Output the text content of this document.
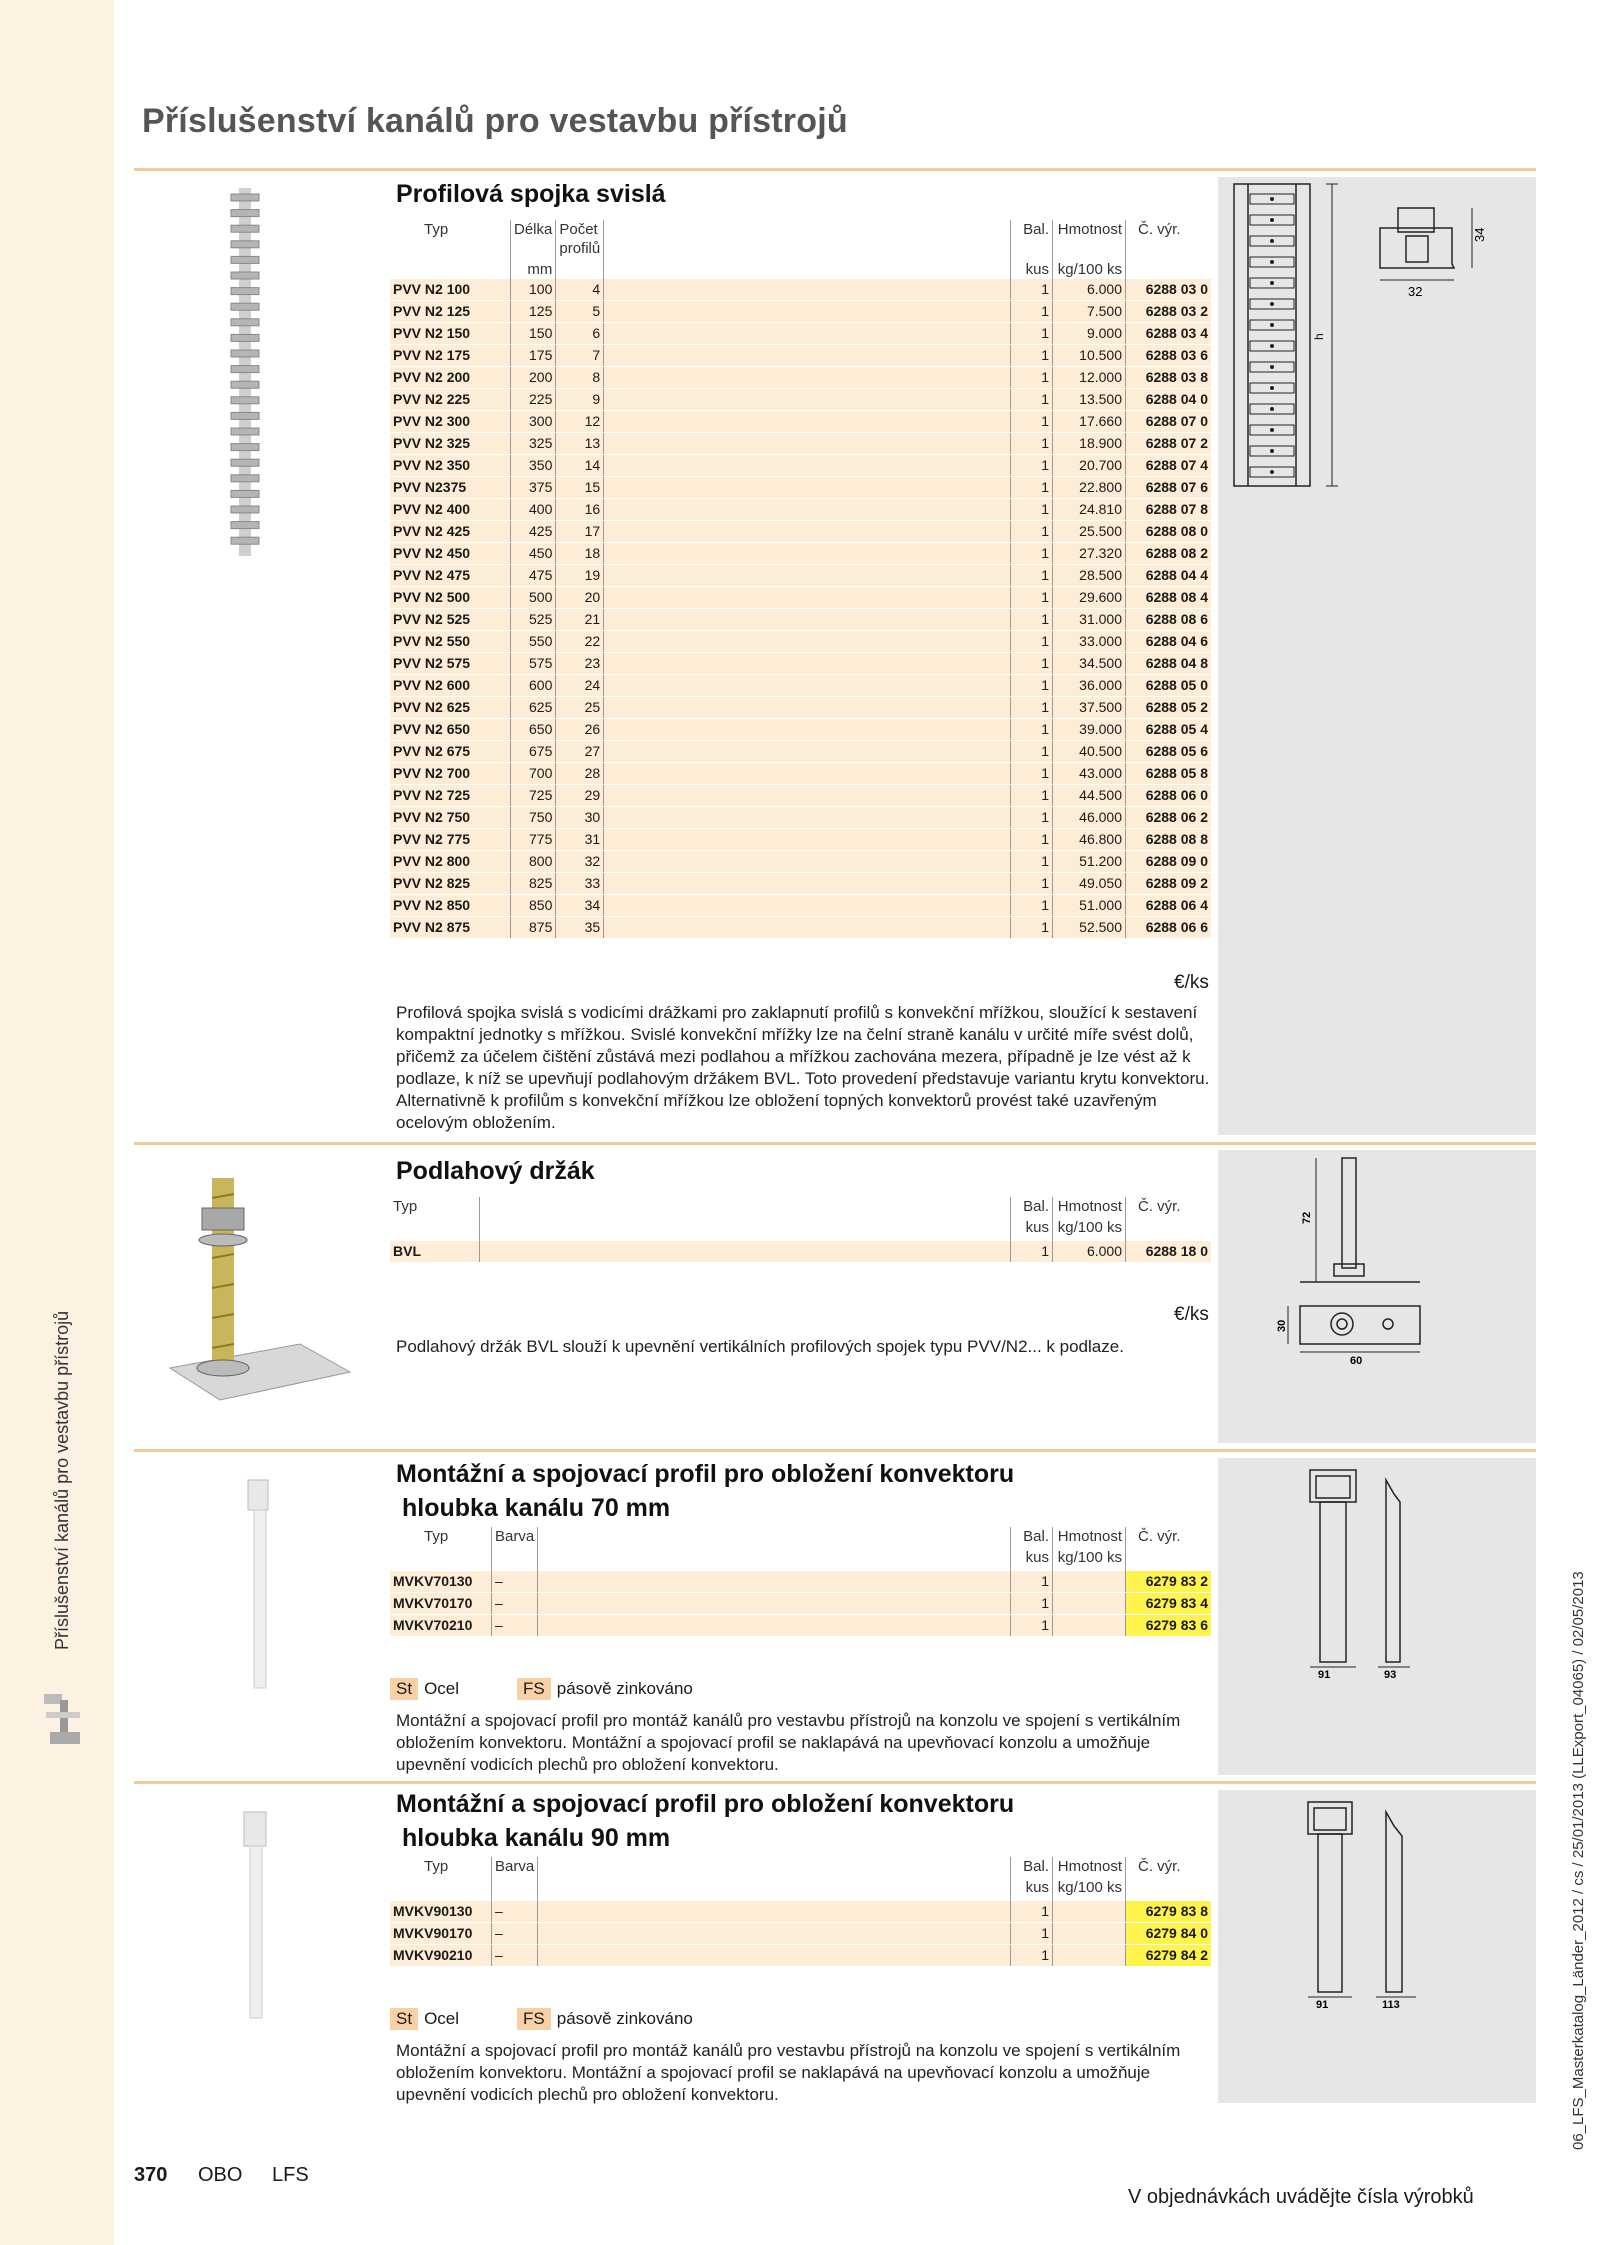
Příslušenství kanálů pro vestavbu přístrojů
Příslušenství kanálů pro vestavbu přístrojů
06_LFS_Masterkatalog_Länder_2012 / cs / 25/01/2013 (LLExport_04065) / 02/05/2013
Profilová spojka svislá
Typ	Délka	Počet
profilů		Bal.	Hmotnost	Č. výr.
	mm			kus	kg/100 ks	
PVV N2 100	100	4		1	6.000	6288 03 0
PVV N2 125	125	5		1	7.500	6288 03 2
PVV N2 150	150	6		1	9.000	6288 03 4
PVV N2 175	175	7		1	10.500	6288 03 6
PVV N2 200	200	8		1	12.000	6288 03 8
PVV N2 225	225	9		1	13.500	6288 04 0
PVV N2 300	300	12		1	17.660	6288 07 0
PVV N2 325	325	13		1	18.900	6288 07 2
PVV N2 350	350	14		1	20.700	6288 07 4
PVV N2375	375	15		1	22.800	6288 07 6
PVV N2 400	400	16		1	24.810	6288 07 8
PVV N2 425	425	17		1	25.500	6288 08 0
PVV N2 450	450	18		1	27.320	6288 08 2
PVV N2 475	475	19		1	28.500	6288 04 4
PVV N2 500	500	20		1	29.600	6288 08 4
PVV N2 525	525	21		1	31.000	6288 08 6
PVV N2 550	550	22		1	33.000	6288 04 6
PVV N2 575	575	23		1	34.500	6288 04 8
PVV N2 600	600	24		1	36.000	6288 05 0
PVV N2 625	625	25		1	37.500	6288 05 2
PVV N2 650	650	26		1	39.000	6288 05 4
PVV N2 675	675	27		1	40.500	6288 05 6
PVV N2 700	700	28		1	43.000	6288 05 8
PVV N2 725	725	29		1	44.500	6288 06 0
PVV N2 750	750	30		1	46.000	6288 06 2
PVV N2 775	775	31		1	46.800	6288 08 8
PVV N2 800	800	32		1	51.200	6288 09 0
PVV N2 825	825	33		1	49.050	6288 09 2
PVV N2 850	850	34		1	51.000	6288 06 4
PVV N2 875	875	35		1	52.500	6288 06 6
€/ks
Profilová spojka svislá s vodicími drážkami pro zaklapnutí profilů s konvekční mřížkou, sloužící k sestavení kompaktní jednotky s mřížkou. Svislé konvekční mřížky lze na čelní straně kanálu v určité míře svést dolů, přičemž za účelem čištění zůstává mezi podlahou a mřížkou zachována mezera, případně je lze vést až k podlaze, k níž se upevňují podlahovým držákem BVL. Toto provedení představuje variantu krytu konvektoru. Alternativně k profilům s konvekční mřížkou lze obložení topných konvektorů provést také uzavřeným ocelovým obložením.
h
34
32
Podlahový držák
Typ		Bal.	Hmotnost	Č. výr.
		kus	kg/100 ks	
BVL		1	6.000	6288 18 0
€/ks
Podlahový držák BVL slouží k upevnění vertikálních profilových spojek typu PVV/N2... k podlaze.
72
30
60
Montážní a spojovací profil pro obložení konvektoru
hloubka kanálu 70 mm
Typ	Barva		Bal.	Hmotnost	Č. výr.
			kus	kg/100 ks	
MVKV70130	–		1		6279 83 2
MVKV70170	–		1		6279 83 4
MVKV70210	–		1		6279 83 6
St Ocel	FS pásově zinkováno
Montážní a spojovací profil pro montáž kanálů pro vestavbu přístrojů na konzolu ve spojení s vertikálním obložením konvektoru. Montážní a spojovací profil se naklapává na upevňovací konzolu a umožňuje upevnění vodicích plechů pro obložení konvektoru.
91	93
Montážní a spojovací profil pro obložení konvektoru
hloubka kanálu 90 mm
Typ	Barva		Bal.	Hmotnost	Č. výr.
			kus	kg/100 ks	
MVKV90130	–		1		6279 83 8
MVKV90170	–		1		6279 84 0
MVKV90210	–		1		6279 84 2
St Ocel	FS pásově zinkováno
Montážní a spojovací profil pro montáž kanálů pro vestavbu přístrojů na konzolu ve spojení s vertikálním obložením konvektoru. Montážní a spojovací profil se naklapává na upevňovací konzolu a umožňuje upevnění vodicích plechů pro obložení konvektoru.
91	113
370 OBO LFS
V objednávkách uvádějte čísla výrobků
